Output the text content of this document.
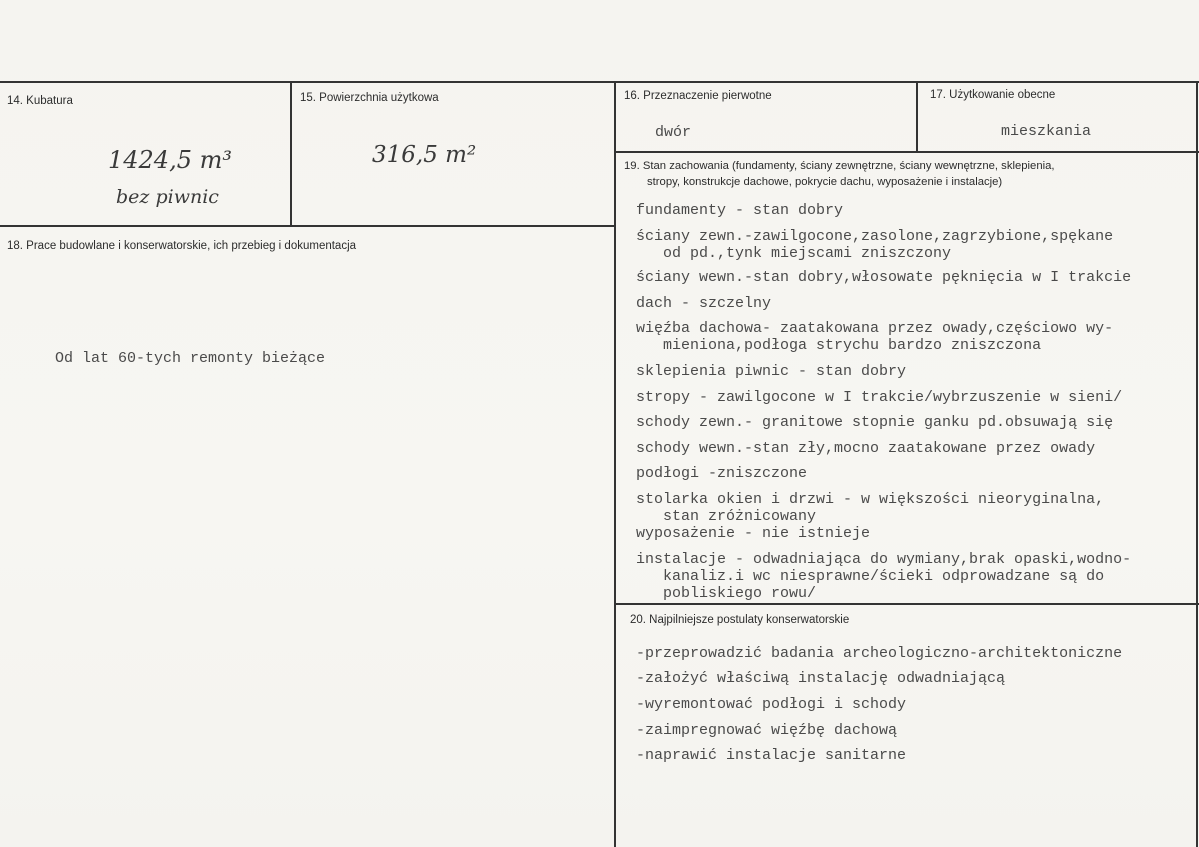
14. Kubatura
1424,5 m³
bez piwnic
15. Powierzchnia użytkowa
316,5 m²
16. Przeznaczenie pierwotne
dwór
17. Użytkowanie obecne
mieszkania
18. Prace budowlane i konserwatorskie, ich przebieg i dokumentacja
Od lat 60-tych remonty bieżące
19. Stan zachowania (fundamenty, ściany zewnętrzne, ściany wewnętrzne, sklepienia,
stropy, konstrukcje dachowe, pokrycie dachu, wyposażenie i instalacje)
fundamenty - stan dobry
ściany zewn.-zawilgocone,zasolone,zagrzybione,spękane
od pd.,tynk miejscami zniszczony
ściany wewn.-stan dobry,włosowate pęknięcia w I trakcie
dach - szczelny
więźba dachowa- zaatakowana przez owady,częściowo wy-
mieniona,podłoga strychu bardzo zniszczona
sklepienia piwnic - stan dobry
stropy - zawilgocone w I trakcie/wybrzuszenie w sieni/
schody zewn.- granitowe stopnie ganku pd.obsuwają się
schody wewn.-stan zły,mocno zaatakowane przez owady
podłogi -zniszczone
stolarka okien i drzwi - w większości nieoryginalna,
stan zróżnicowany
wyposażenie - nie istnieje
instalacje - odwadniająca do wymiany,brak opaski,wodno-
kanaliz.i wc niesprawne/ścieki odprowadzane są do
pobliskiego rowu/
20. Najpilniejsze postulaty konserwatorskie
-przeprowadzić badania archeologiczno-architektoniczne
-założyć właściwą instalację odwadniającą
-wyremontować podłogi i schody
-zaimpregnować więźbę dachową
-naprawić instalacje sanitarne
